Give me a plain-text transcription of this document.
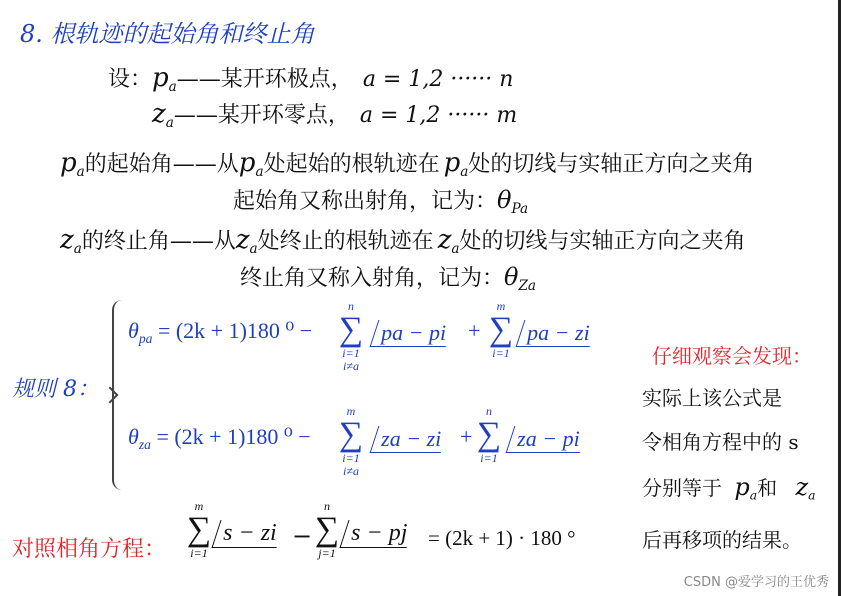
8. 根轨迹的起始角和终止角
设：$p_a——$某开环极点， a = 1,2 ······ n
$z_a——$某开环零点， a = 1,2 ······ m
$p_a$的起始角——从$p_a$处起始的根轨迹在 $p_a$处的切线与实轴正方向之夹角
起始角又称出射角，记为：$\theta_{Pa}$
$z_a$的终止角——从$z_a$处终止的根轨迹在 $z_a$处的切线与实轴正方向之夹角
终止角又称入射角，记为：$\theta_{Za}$
规则 8：
$\theta_{pa} = (2k + 1)180$ ⁰ −
n
∑
i=1
i≠a
pa − pi +
m
∑
i=1
pa − zi
$\theta_{za} = (2k + 1)180$ ⁰ −
m
∑
i=1
i≠a
za − zi +
n
∑
i=1
za − pi
仔细观察会发现：
实际上该公式是
令相角方程中的 s
分别等于 $p_a$和 $z_a$
后再移项的结果。
对照相角方程：
m
∑
i=1
s − zi −
n
∑
j=1
s − pj = (2k + 1) · 180 °
CSDN @爱学习的王优秀
